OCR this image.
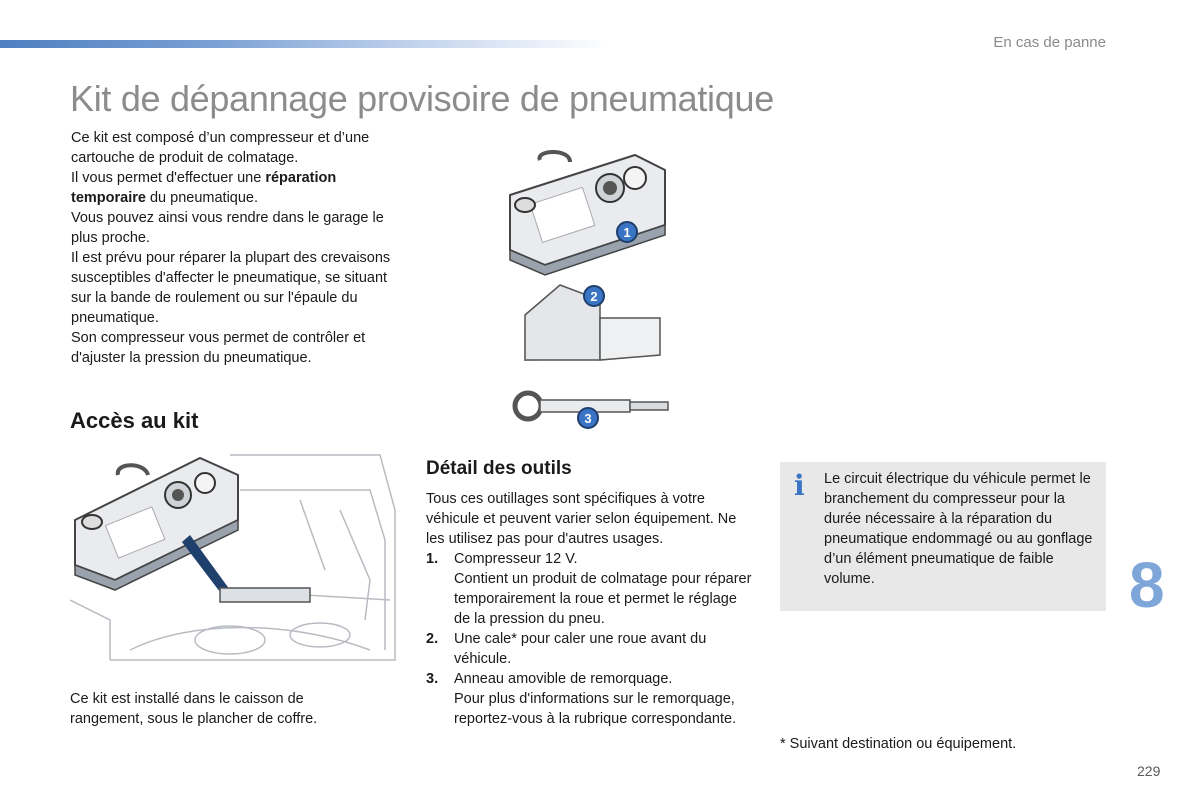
En cas de panne
Kit de dépannage provisoire de pneumatique

Ce kit est composé d’un compresseur et d’une cartouche de produit de colmatage.

Il vous permet d'effectuer une réparation temporaire du pneumatique.

Vous pouvez ainsi vous rendre dans le garage le plus proche.

Il est prévu pour réparer la plupart des crevaisons susceptibles d'affecter le pneumatique, se situant sur la bande de roulement ou sur l'épaule du pneumatique.

Son compresseur vous permet de contrôler et d'ajuster la pression du pneumatique.

1
2
3
Accès au kit
Ce kit est installé dans le caisson de rangement, sous le plancher de coffre.
Détail des outils

Tous ces outillages sont spécifiques à votre véhicule et peuvent varier selon équipement. Ne les utilisez pas pour d'autres usages.

1. Compresseur 12 V.
Contient un produit de colmatage pour réparer temporairement la roue et permet le réglage de la pression du pneu.
2. Une cale* pour caler une roue avant du véhicule.
3. Anneau amovible de remorquage.
Pour plus d'informations sur le remorquage, reportez-vous à la rubrique correspondante.
i Le circuit électrique du véhicule permet le branchement du compresseur pour la durée nécessaire à la réparation du pneumatique endommagé ou au gonflage d’un élément pneumatique de faible volume.
* Suivant destination ou équipement.
8
229
